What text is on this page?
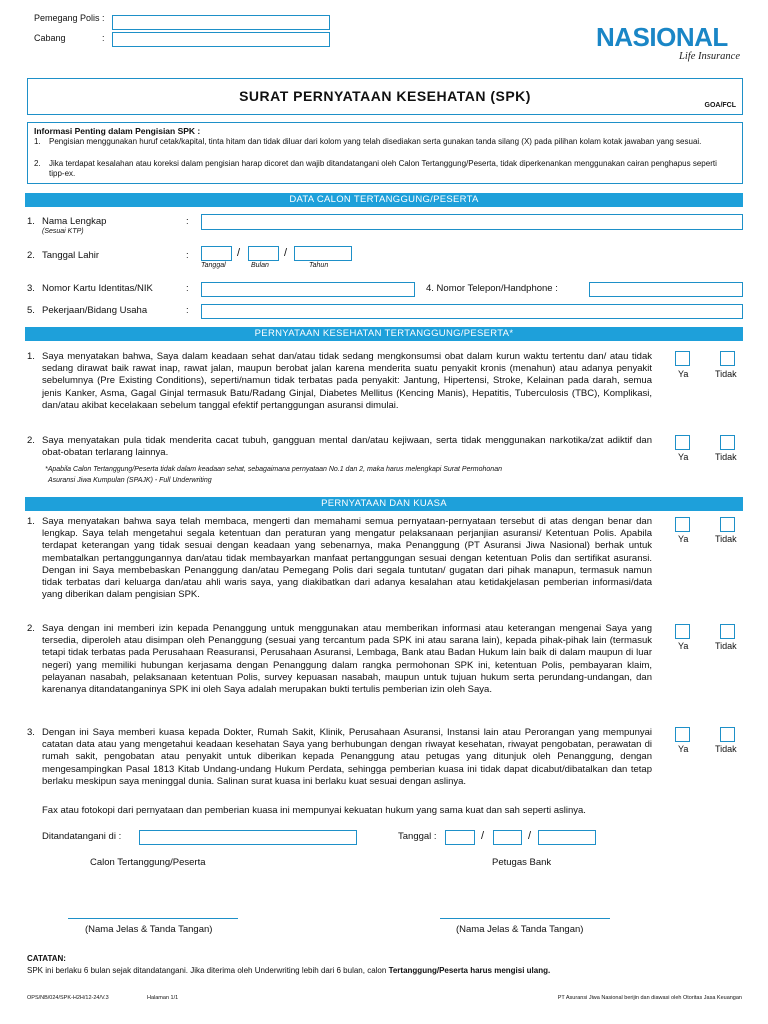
Pemegang Polis :
Cabang	:	NASIONAL
Life Insurance
SURAT PERNYATAAN KESEHATAN (SPK)
GOA/FCL
Informasi Penting dalam Pengisian SPK :
1. Pengisian menggunakan huruf cetak/kapital, tinta hitam dan tidak diluar dari kolom yang telah disediakan serta gunakan tanda silang (X) pada pilihan kolam kotak jawaban yang sesuai.
2. Jika terdapat kesalahan atau koreksi dalam pengisian harap dicoret dan wajib ditandatangani oleh Calon Tertanggung/Peserta, tidak diperkenankan menggunakan cairan penghapus seperti tipp-ex.
DATA CALON TERTANGGUNG/PESERTA
1. Nama Lengkap
(Sesuai KTP)
:
2. Tanggal Lahir	:	/	/
Tanggal	Bulan	Tahun
3. Nomor Kartu Identitas/NIK	:	4. Nomor Telepon/Handphone :
5. Pekerjaan/Bidang Usaha	:
PERNYATAAN KESEHATAN TERTANGGUNG/PESERTA*
1. Saya menyatakan bahwa, Saya dalam keadaan sehat dan/atau tidak sedang mengkonsumsi obat dalam kurun waktu tertentu dan/ atau tidak sedang dirawat baik rawat inap, rawat jalan, maupun berobat jalan karena menderita suatu penyakit kronis (menahun) atau adanya penyakit sebelumnya (Pre Existing Conditions), seperti/namun tidak terbatas pada penyakit: Jantung, Hipertensi, Stroke, Kelainan pada darah, semua jenis Kanker, Asma, Gagal Ginjal termasuk Batu/Radang Ginjal, Diabetes Mellitus (Kencing Manis), Hepatitis, Tuberculosis (TBC), Komplikasi, dan/atau akibat kecelakaan sebelum tanggal efektif pertanggungan asuransi dimulai.
Ya	Tidak
2. Saya menyatakan pula tidak menderita cacat tubuh, gangguan mental dan/atau kejiwaan, serta tidak menggunakan narkotika/zat adiktif dan obat-obatan terlarang lainnya.	Ya	Tidak
*Apabila Calon Tertanggung/Peserta tidak dalam keadaan sehat, sebagaimana pernyataan No.1 dan 2, maka harus melengkapi Surat Permohonan
Asuransi Jiwa Kumpulan (SPAJK) - Full Underwriting
PERNYATAAN DAN KUASA
1. Saya menyatakan bahwa saya telah membaca, mengerti dan memahami semua pernyataan-pernyataan tersebut di atas dengan benar dan lengkap. Saya telah mengetahui segala ketentuan dan peraturan yang mengatur pelaksanaan perjanjian asuransi/ Ketentuan Polis. Apabila terdapat keterangan yang tidak sesuai dengan keadaan yang sebenarnya, maka Penanggung (PT Asuransi Jiwa Nasional) berhak untuk membatalkan pertanggungannya dan/atau tidak membayarkan manfaat pertanggungan sesuai dengan ketentuan Polis dan sertifikat asuransi. Dengan ini Saya membebaskan Penanggung dan/atau Pemegang Polis dari segala tuntutan/ gugatan dari pihak manapun, termasuk namun tidak terbatas dari keluarga dan/atau ahli waris saya, yang diakibatkan dari adanya kesalahan atau ketidakjelasan pemberian informasi/data yang diberikan dalam pengisian SPK.
Ya	Tidak
2. Saya dengan ini memberi izin kepada Penanggung untuk menggunakan atau memberikan informasi atau keterangan mengenai Saya yang tersedia, diperoleh atau disimpan oleh Penanggung (sesuai yang tercantum pada SPK ini atau sarana lain), kepada pihak-pihak lain (termasuk tetapi tidak terbatas pada Perusahaan Reasuransi, Perusahaan Asuransi, Lembaga, Bank atau Badan Hukum lain baik di dalam maupun di luar negeri) yang memiliki hubungan kerjasama dengan Penanggung dalam rangka permohonan SPK ini, ketentuan Polis, pembayaran klaim, pelayanan nasabah, pelaksanaan ketentuan Polis, survey kepuasan nasabah, maupun untuk tujuan hukum serta perundang-undangan, dan karenanya ditandatanganinya SPK ini oleh Saya adalah merupakan bukti tertulis pemberian izin oleh Saya.
Ya	Tidak
3. Dengan ini Saya memberi kuasa kepada Dokter, Rumah Sakit, Klinik, Perusahaan Asuransi, Instansi lain atau Perorangan yang mempunyai catatan data atau yang mengetahui keadaan kesehatan Saya yang berhubungan dengan riwayat kesehatan, riwayat pengobatan, perawatan di rumah sakit, pengobatan atau penyakit untuk diberikan kepada Penanggung atau petugas yang ditunjuk oleh Penanggung, dengan mengesampingkan Pasal 1813 Kitab Undang-undang Hukum Perdata, sehingga pemberian kuasa ini tidak dapat dicabut/dibatalkan dan tetap berlaku meskipun saya meninggal dunia. Salinan surat kuasa ini berlaku kuat sesuai dengan aslinya.
Fax atau fotokopi dari pernyataan dan pemberian kuasa ini mempunyai kekuatan hukum yang sama kuat dan sah seperti aslinya.
Ya	Tidak
Ditandatangani di :	Tanggal :	/	/
Calon Tertanggung/Peserta	Petugas Bank
(Nama Jelas & Tanda Tangan)	(Nama Jelas & Tanda Tangan)
CATATAN:
SPK ini berlaku 6 bulan sejak ditandatangani. Jika diterima oleh Underwriting lebih dari 6 bulan, calon Tertanggung/Peserta harus mengisi ulang.
OPS/NB/024/SPK-H2H/12-24/V.3	Halaman 1/1	PT Asuransi Jiwa Nasional berijin dan diawasi oleh Otoritas Jasa Keuangan
